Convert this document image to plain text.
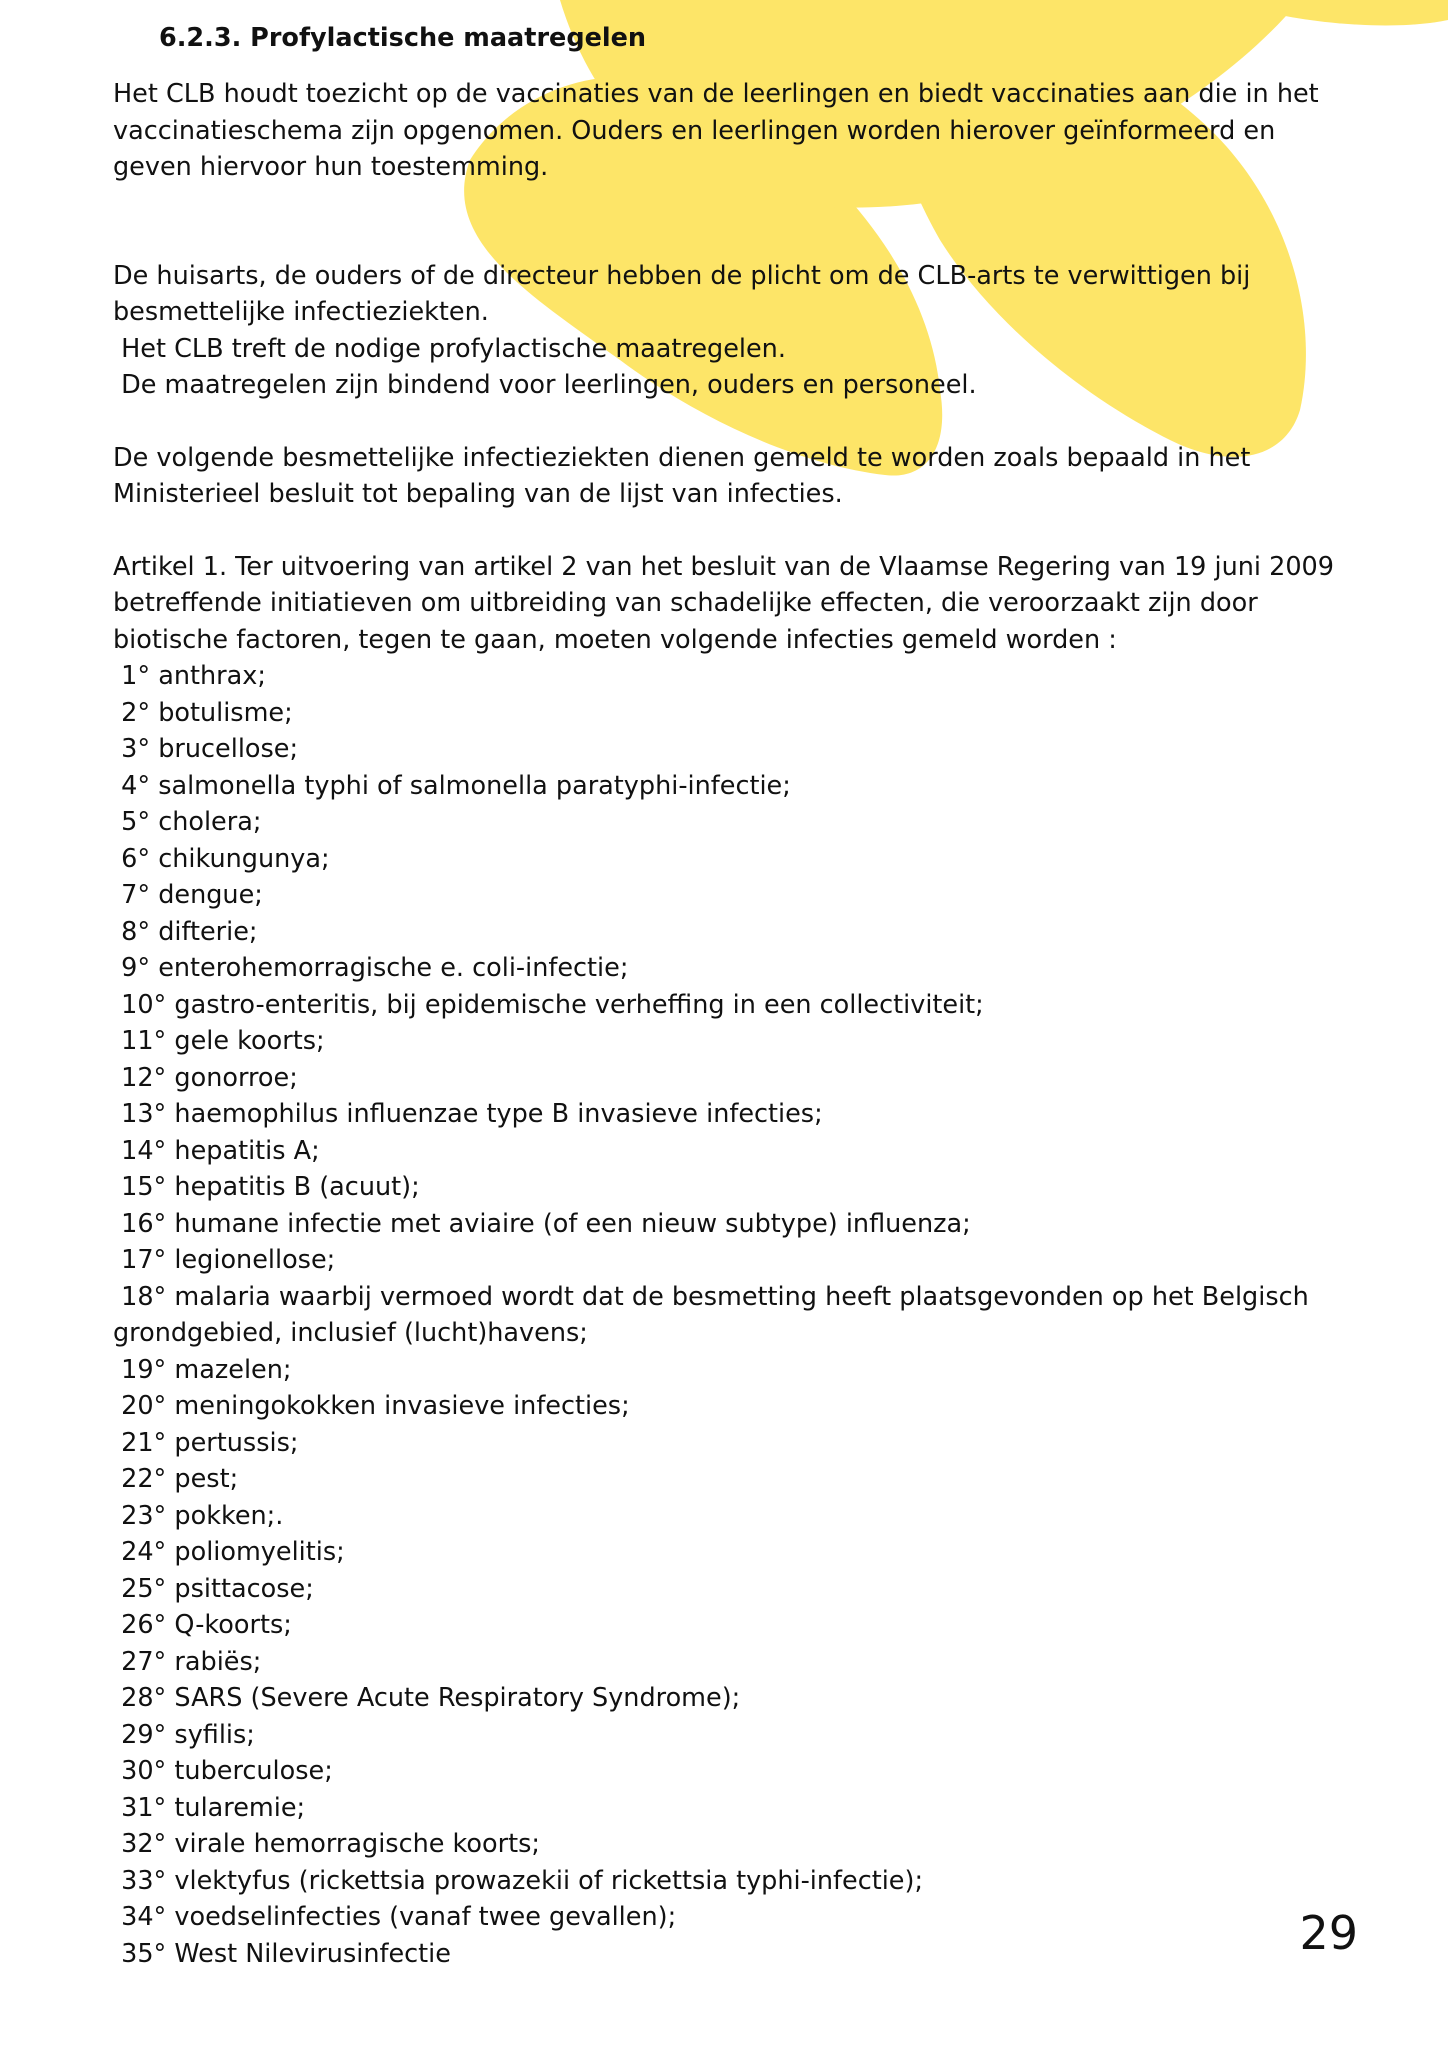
6.2.3. Profylactische maatregelen

Het CLB houdt toezicht op de vaccinaties van de leerlingen en biedt vaccinaties aan die in het vaccinatieschema zijn opgenomen. Ouders en leerlingen worden hierover geïnformeerd en geven hiervoor hun toestemming.

De huisarts, de ouders of de directeur hebben de plicht om de CLB-arts te verwittigen bij besmettelijke infectieziekten.

Het CLB treft de nodige profylactische maatregelen.

De maatregelen zijn bindend voor leerlingen, ouders en personeel.

De volgende besmettelijke infectieziekten dienen gemeld te worden zoals bepaald in het Ministerieel besluit tot bepaling van de lijst van infecties.

Artikel 1. Ter uitvoering van artikel 2 van het besluit van de Vlaamse Regering van 19 juni 2009 betreffende initiatieven om uitbreiding van schadelijke effecten, die veroorzaakt zijn door biotische factoren, tegen te gaan, moeten volgende infecties gemeld worden :

1° anthrax;
2° botulisme;
3° brucellose;
4° salmonella typhi of salmonella paratyphi-infectie;
5° cholera;
6° chikungunya;
7° dengue;
8° difterie;
9° enterohemorragische e. coli-infectie;
10° gastro-enteritis, bij epidemische verheffing in een collectiviteit;
11° gele koorts;
12° gonorroe;
13° haemophilus influenzae type B invasieve infecties;
14° hepatitis A;
15° hepatitis B (acuut);
16° humane infectie met aviaire (of een nieuw subtype) influenza;
17° legionellose;
18° malaria waarbij vermoed wordt dat de besmetting heeft plaatsgevonden op het Belgisch  grondgebied, inclusief (lucht)havens;
19° mazelen;
20° meningokokken invasieve infecties;
21° pertussis;
22° pest;
23° pokken;.
24° poliomyelitis;
25° psittacose;
26° Q-koorts;
27° rabiës;
28° SARS (Severe Acute Respiratory Syndrome);
29° syfilis;
30° tuberculose;
31° tularemie;
32° virale hemorragische koorts;
33° vlektyfus (rickettsia prowazekii of rickettsia typhi-infectie);
34° voedselinfecties (vanaf twee gevallen);
35° West Nilevirusinfectie	29
